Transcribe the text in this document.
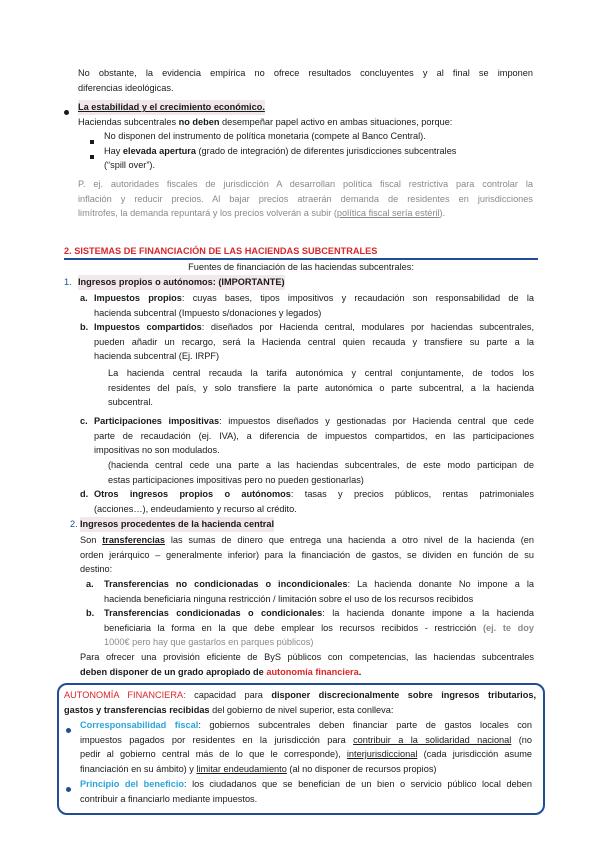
No obstante, la evidencia empírica no ofrece resultados concluyentes y al final se imponen
diferencias ideológicas.
La estabilidad y el crecimiento económico.
Haciendas subcentrales no deben desempeñar papel activo en ambas situaciones, porque:
No disponen del instrumento de política monetaria (compete al Banco Central).
Hay elevada apertura (grado de integración) de diferentes jurisdicciones subcentrales
(“spill over”).
P. ej. autoridades fiscales de jurisdicción A desarrollan política fiscal restrictiva para controlar la
inflación y reducir precios. Al bajar precios atraerán demanda de residentes en jurisdicciones
limítrofes, la demanda repuntará y los precios volverán a subir (política fiscal sería estéril).
2. SISTEMAS DE FINANCIACIÓN DE LAS HACIENDAS SUBCENTRALES
Fuentes de financiación de las haciendas subcentrales:
1. Ingresos propios o autónomos: (IMPORTANTE)
a. Impuestos propios: cuyas bases, tipos impositivos y recaudación son responsabilidad de la
hacienda subcentral (Impuesto s/donaciones y legados)
b. Impuestos compartidos: diseñados por Hacienda central, modulares por haciendas subcentrales,
pueden añadir un recargo, será la Hacienda central quien recauda y transfiere su parte a la
hacienda subcentral (Ej. IRPF)
La hacienda central recauda la tarifa autonómica y central conjuntamente, de todos los
residentes del país, y solo transfiere la parte autonómica o parte subcentral, a la hacienda
subcentral.
c. Participaciones impositivas: impuestos diseñados y gestionadas por Hacienda central que cede
parte de recaudación (ej. IVA), a diferencia de impuestos compartidos, en las participaciones
impositivas no son modulados.
(hacienda central cede una parte a las haciendas subcentrales, de este modo participan de
estas participaciones impositivas pero no pueden gestionarlas)
d. Otros ingresos propios o autónomos: tasas y precios públicos, rentas patrimoniales
(acciones…), endeudamiento y recurso al crédito.
2. Ingresos procedentes de la hacienda central
Son transferencias las sumas de dinero que entrega una hacienda a otro nivel de la hacienda (en
orden jerárquico – generalmente inferior) para la financiación de gastos, se dividen en función de su
destino:
a. Transferencias no condicionadas o incondicionales: La hacienda donante No impone a la
hacienda beneficiaria ninguna restricción / limitación sobre el uso de los recursos recibidos
b. Transferencias condicionadas o condicionales: la hacienda donante impone a la hacienda
beneficiaria la forma en la que debe emplear los recursos recibidos - restricción (ej. te doy
1000€ pero hay que gastarlos en parques públicos)
Para ofrecer una provisión eficiente de ByS públicos con competencias, las haciendas subcentrales
deben disponer de un grado apropiado de autonomía financiera.
AUTONOMÍA FINANCIERA: capacidad para disponer discrecionalmente sobre ingresos tributarios,
gastos y transferencias recibidas del gobierno de nivel superior, esta conlleva:
Corresponsabilidad fiscal: gobiernos subcentrales deben financiar parte de gastos locales con
impuestos pagados por residentes en la jurisdicción para contribuir a la solidaridad nacional (no
pedir al gobierno central más de lo que le corresponde), interjurisdiccional (cada jurisdicción asume
financiación en su ámbito) y limitar endeudamiento (al no disponer de recursos propios)
Principio del beneficio: los ciudadanos que se benefician de un bien o servicio público local deben
contribuir a financiarlo mediante impuestos.
